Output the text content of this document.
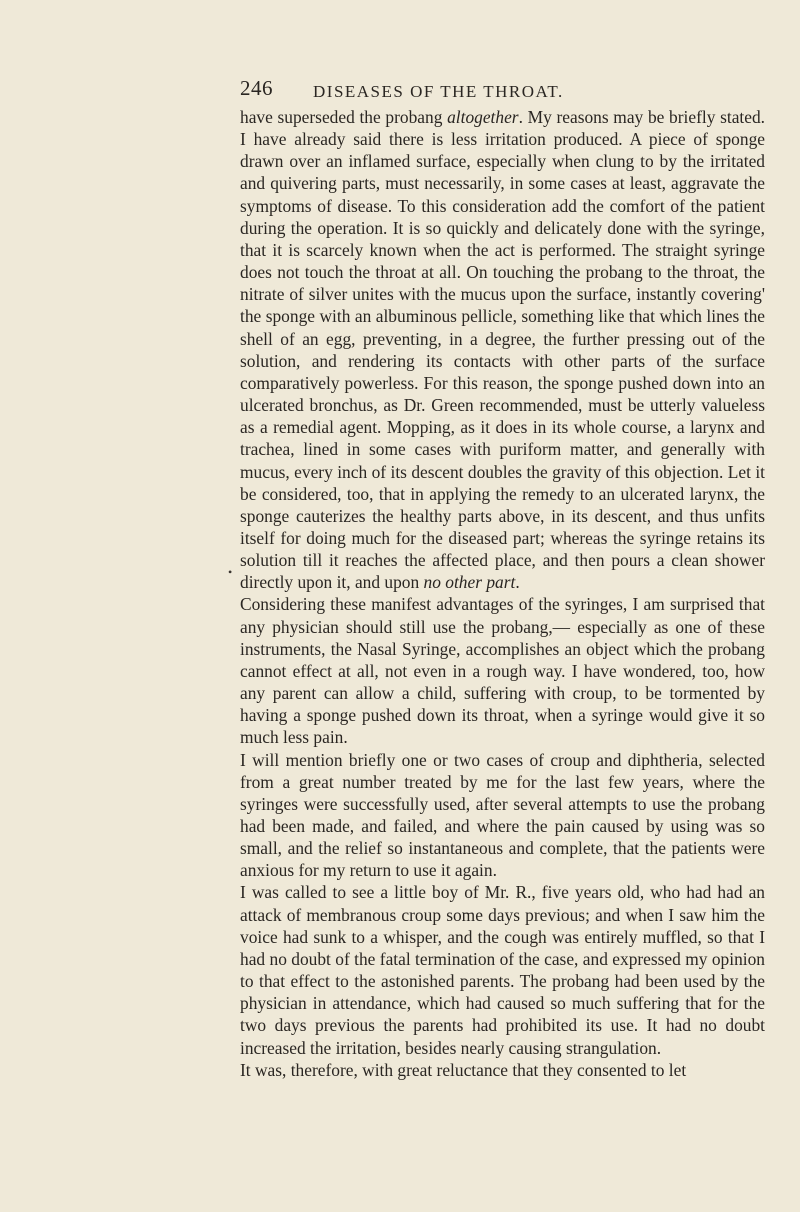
246 DISEASES OF THE THROAT.
•

have superseded the probang altogether. My reasons may be briefly stated. I have already said there is less irritation produced. A piece of sponge drawn over an inflamed surface, especially when clung to by the irritated and quivering parts, must necessarily, in some cases at least, aggravate the symptoms of disease. To this consideration add the comfort of the patient during the operation. It is so quickly and delicately done with the syringe, that it is scarcely known when the act is performed. The straight syringe does not touch the throat at all. On touching the probang to the throat, the nitrate of silver unites with the mucus upon the surface, instantly covering' the sponge with an albuminous pellicle, something like that which lines the shell of an egg, preventing, in a degree, the further pressing out of the solution, and rendering its contacts with other parts of the surface comparatively powerless. For this reason, the sponge pushed down into an ulcerated bronchus, as Dr. Green recommended, must be utterly valueless as a remedial agent. Mopping, as it does in its whole course, a larynx and trachea, lined in some cases with puriform matter, and generally with mucus, every inch of its descent doubles the gravity of this objection. Let it be considered, too, that in applying the remedy to an ulcerated larynx, the sponge cauterizes the healthy parts above, in its descent, and thus unfits itself for doing much for the diseased part; whereas the syringe retains its solution till it reaches the affected place, and then pours a clean shower directly upon it, and upon no other part.

Considering these manifest advantages of the syringes, I am surprised that any physician should still use the probang,— especially as one of these instruments, the Nasal Syringe, accomplishes an object which the probang cannot effect at all, not even in a rough way. I have wondered, too, how any parent can allow a child, suffering with croup, to be tormented by having a sponge pushed down its throat, when a syringe would give it so much less pain.

I will mention briefly one or two cases of croup and diphtheria, selected from a great number treated by me for the last few years, where the syringes were successfully used, after several attempts to use the probang had been made, and failed, and where the pain caused by using was so small, and the relief so instantaneous and complete, that the patients were anxious for my return to use it again.

I was called to see a little boy of Mr. R., five years old, who had had an attack of membranous croup some days previous; and when I saw him the voice had sunk to a whisper, and the cough was entirely muffled, so that I had no doubt of the fatal termination of the case, and expressed my opinion to that effect to the astonished parents. The probang had been used by the physician in attendance, which had caused so much suffering that for the two days previous the parents had prohibited its use. It had no doubt increased the irritation, besides nearly causing strangulation.

It was, therefore, with great reluctance that they consented to let
